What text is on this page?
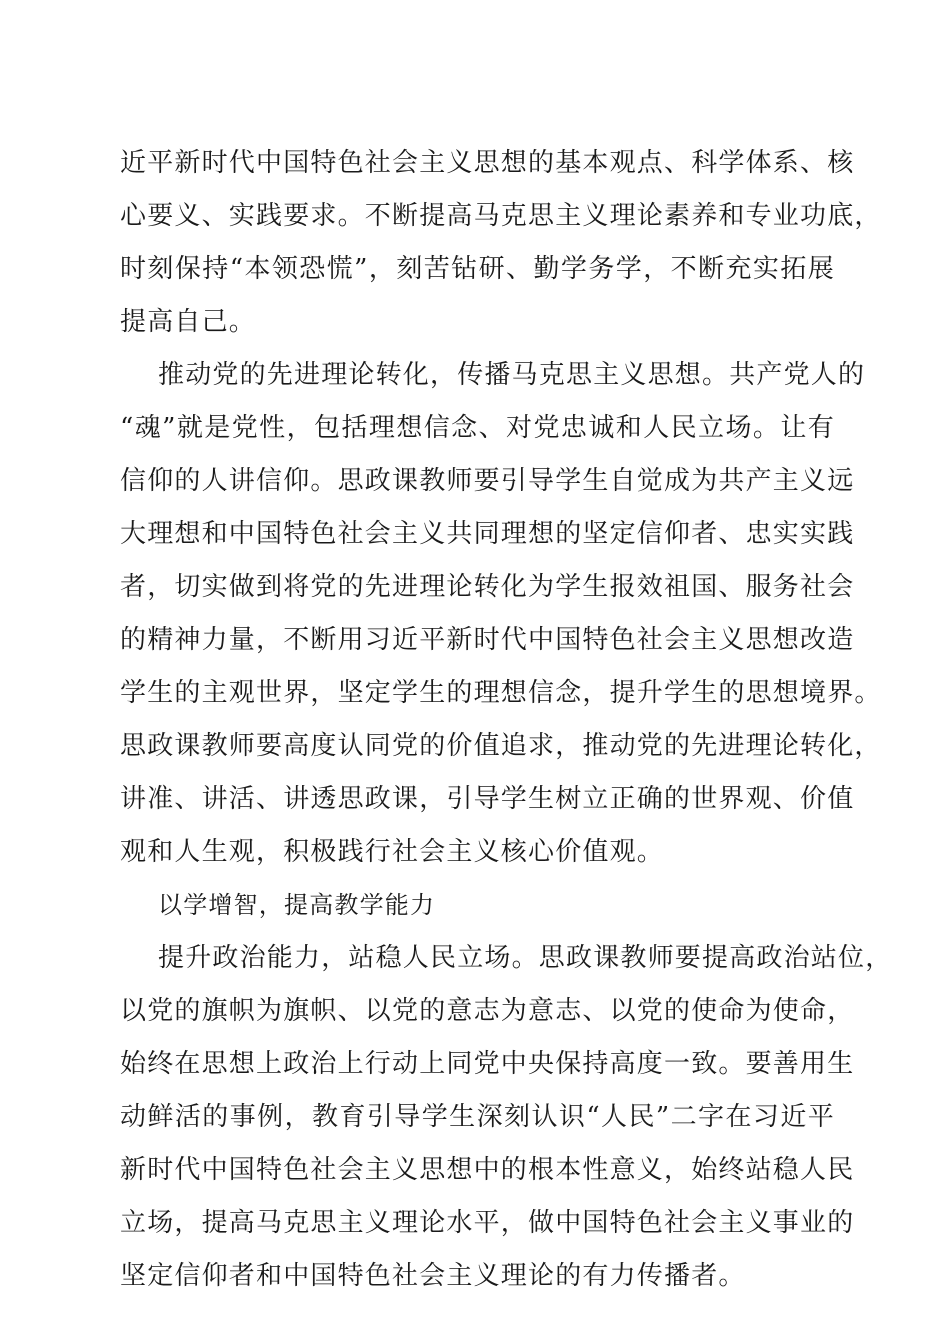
近平新时代中国特色社会主义思想的基本观点、科学体系、核
心要义、实践要求。不断提高马克思主义理论素养和专业功底，
时刻保持“本领恐慌”，刻苦钻研、勤学务学，不断充实拓展
提高自己。
推动党的先进理论转化，传播马克思主义思想。共产党人的
“魂”就是党性，包括理想信念、对党忠诚和人民立场。让有
信仰的人讲信仰。思政课教师要引导学生自觉成为共产主义远
大理想和中国特色社会主义共同理想的坚定信仰者、忠实实践
者，切实做到将党的先进理论转化为学生报效祖国、服务社会
的精神力量，不断用习近平新时代中国特色社会主义思想改造
学生的主观世界，坚定学生的理想信念，提升学生的思想境界。
思政课教师要高度认同党的价值追求，推动党的先进理论转化，
讲准、讲活、讲透思政课，引导学生树立正确的世界观、价值
观和人生观，积极践行社会主义核心价值观。
以学增智，提高教学能力
提升政治能力，站稳人民立场。思政课教师要提高政治站位，
以党的旗帜为旗帜、以党的意志为意志、以党的使命为使命，
始终在思想上政治上行动上同党中央保持高度一致。要善用生
动鲜活的事例，教育引导学生深刻认识“人民”二字在习近平
新时代中国特色社会主义思想中的根本性意义，始终站稳人民
立场，提高马克思主义理论水平，做中国特色社会主义事业的
坚定信仰者和中国特色社会主义理论的有力传播者。
